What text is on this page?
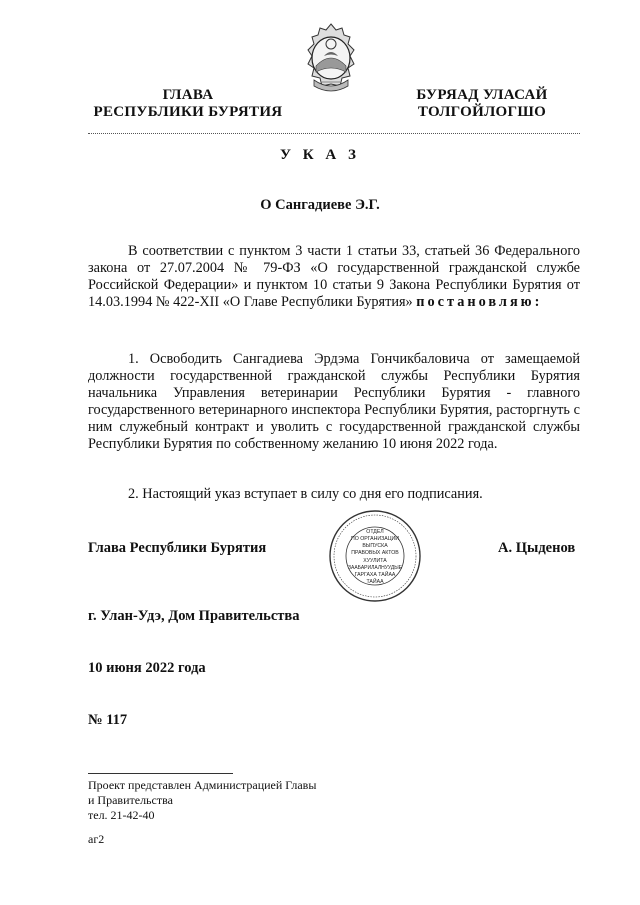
ГЛАВА
РЕСПУБЛИКИ БУРЯТИЯ
БУРЯАД УЛАСАЙ
ТОЛГОЙЛОГШО
У К А З
О Сангадиеве Э.Г.

В соответствии с пунктом 3 части 1 статьи 33, статьей 36 Федерального закона от 27.07.2004 № 79-ФЗ «О государственной гражданской службе Российской Федерации» и пунктом 10 статьи 9 Закона Республики Бурятия от 14.03.1994 № 422-XII «О Главе Республики Бурятия» постановляю:

1. Освободить Сангадиева Эрдэма Гончикбаловича от замещаемой должности государственной гражданской службы Республики Бурятия начальника Управления ветеринарии Республики Бурятия - главного государственного ветеринарного инспектора Республики Бурятия, расторгнуть с ним служебный контракт и уволить с государственной гражданской службы Республики Бурятия по собственному желанию 10 июня 2022 года.

2. Настоящий указ вступает в силу со дня его подписания.

ОТДЕЛ
ПО ОРГАНИЗАЦИИ
ВЫПУСКА
ПРАВОВЫХ АКТОВ
ХУУЛИТА
ЗААБАРИЛАЛНУУДЫЕ
ГАРГАХА ТАЙАА
ТАЙАА
Глава Республики Бурятия	А. Цыденов
г. Улан-Удэ, Дом Правительства
10 июня 2022 года
№ 117
Проект представлен Администрацией Главы
и Правительства
тел. 21-42-40
аг2
